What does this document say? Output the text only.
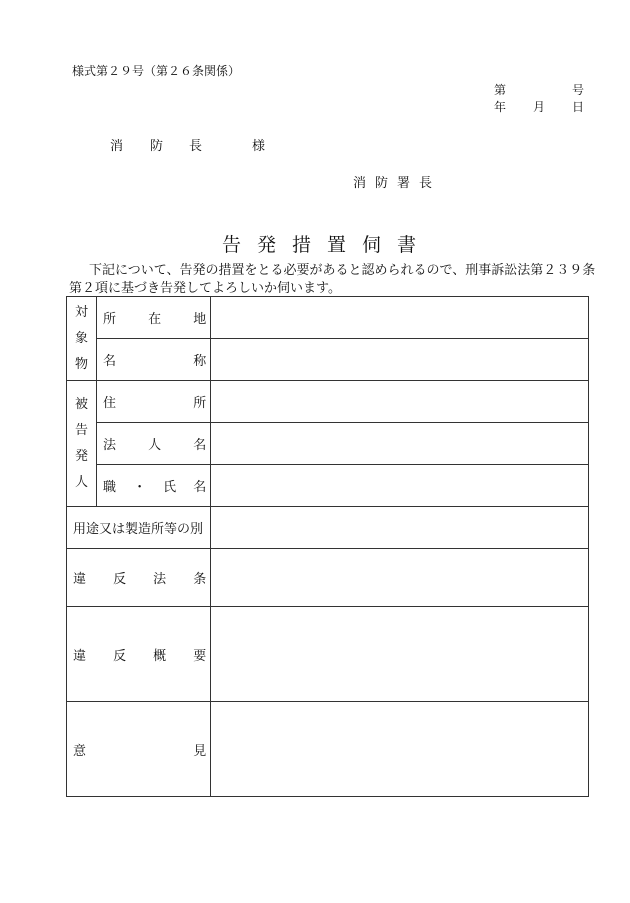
様式第２９号（第２６条関係）
第	号
年 月 日
消 防 長	様
消防署長
告発措置伺書

下記について、告発の措置をとる必要があると認められるので、刑事訴訟法第２３９条

第２項に基づき告発してよろしいか伺います。

対
象
物	所 在 地	

	名 称	

被
告
発
人	住 所	

	法 人 名	

	職 ・ 氏 名	

用途又は製造所等の別		

違 反 法 条		

違 反 概 要		

意 見		
